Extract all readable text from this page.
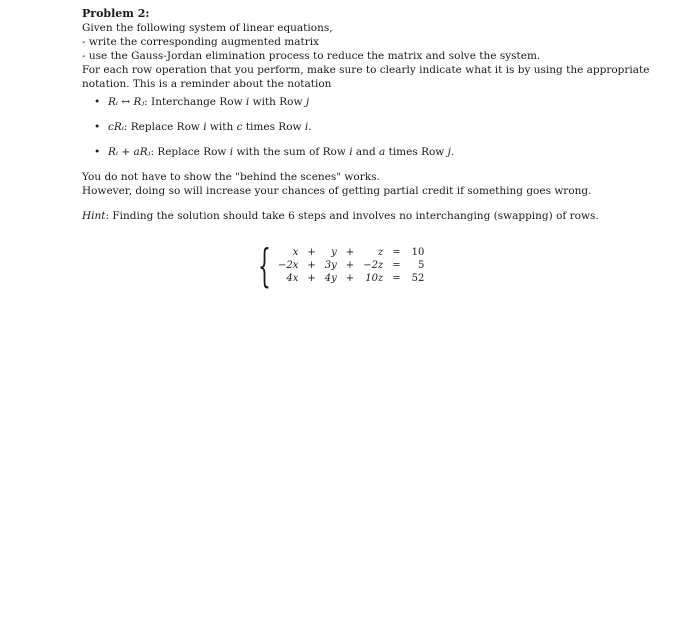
Problem 2:

Given the following system of linear equations,

- write the corresponding augmented matrix

- use the Gauss-Jordan elimination process to reduce the matrix and solve the system.

For each row operation that you perform, make sure to clearly indicate what it is by using the appropriate

notation. This is a reminder about the notation

• Rᵢ ↔ Rⱼ: Interchange Row i with Row j
• cRᵢ: Replace Row i with c times Row i.
• Rᵢ + aRⱼ: Replace Row i with the sum of Row i and a times Row j.

You do not have to show the "behind the scenes" works.

However, doing so will increase your chances of getting partial credit if something goes wrong.

Hint: Finding the solution should take 6 steps and involves no interchanging (swapping) of rows.

{ x	+	y	+	z	=	10
−2x	+	3y	+	−2z	=	5
4x	+	4y	+	10z	=	52
